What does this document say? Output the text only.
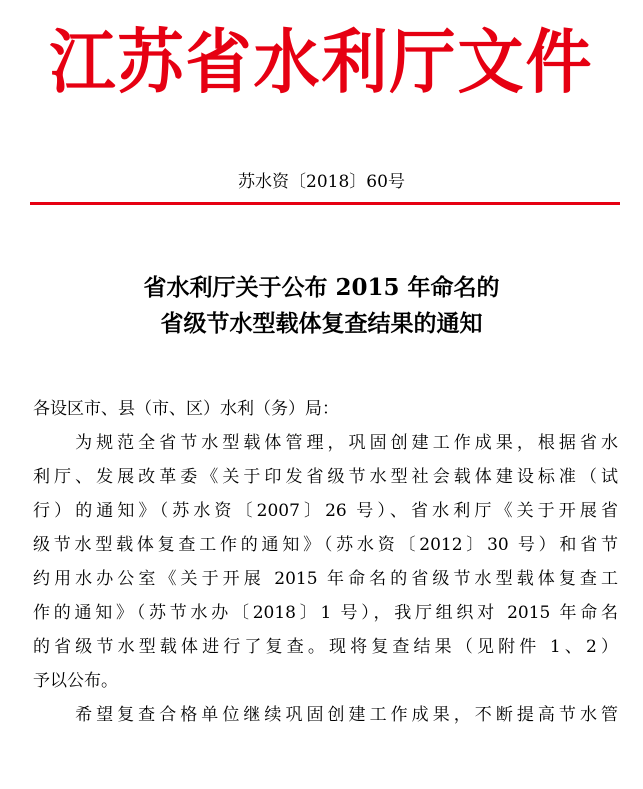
江苏省水利厅文件
苏水资〔2018〕60号
省水利厅关于公布 2015 年命名的
省级节水型载体复查结果的通知
各设区市、县（市、区）水利（务）局：
　　为规范全省节水型载体管理，巩固创建工作成果，根据省水
利厅、发展改革委《关于印发省级节水型社会载体建设标准（试
行）的通知》（苏水资〔2007〕26 号）、省水利厅《关于开展省
级节水型载体复查工作的通知》（苏水资〔2012〕30 号）和省节
约用水办公室《关于开展 2015 年命名的省级节水型载体复查工
作的通知》（苏节水办〔2018〕1 号），我厅组织对 2015 年命名
的省级节水型载体进行了复查。现将复查结果（见附件 1、2）
予以公布。
　　希望复查合格单位继续巩固创建工作成果，不断提高节水管
